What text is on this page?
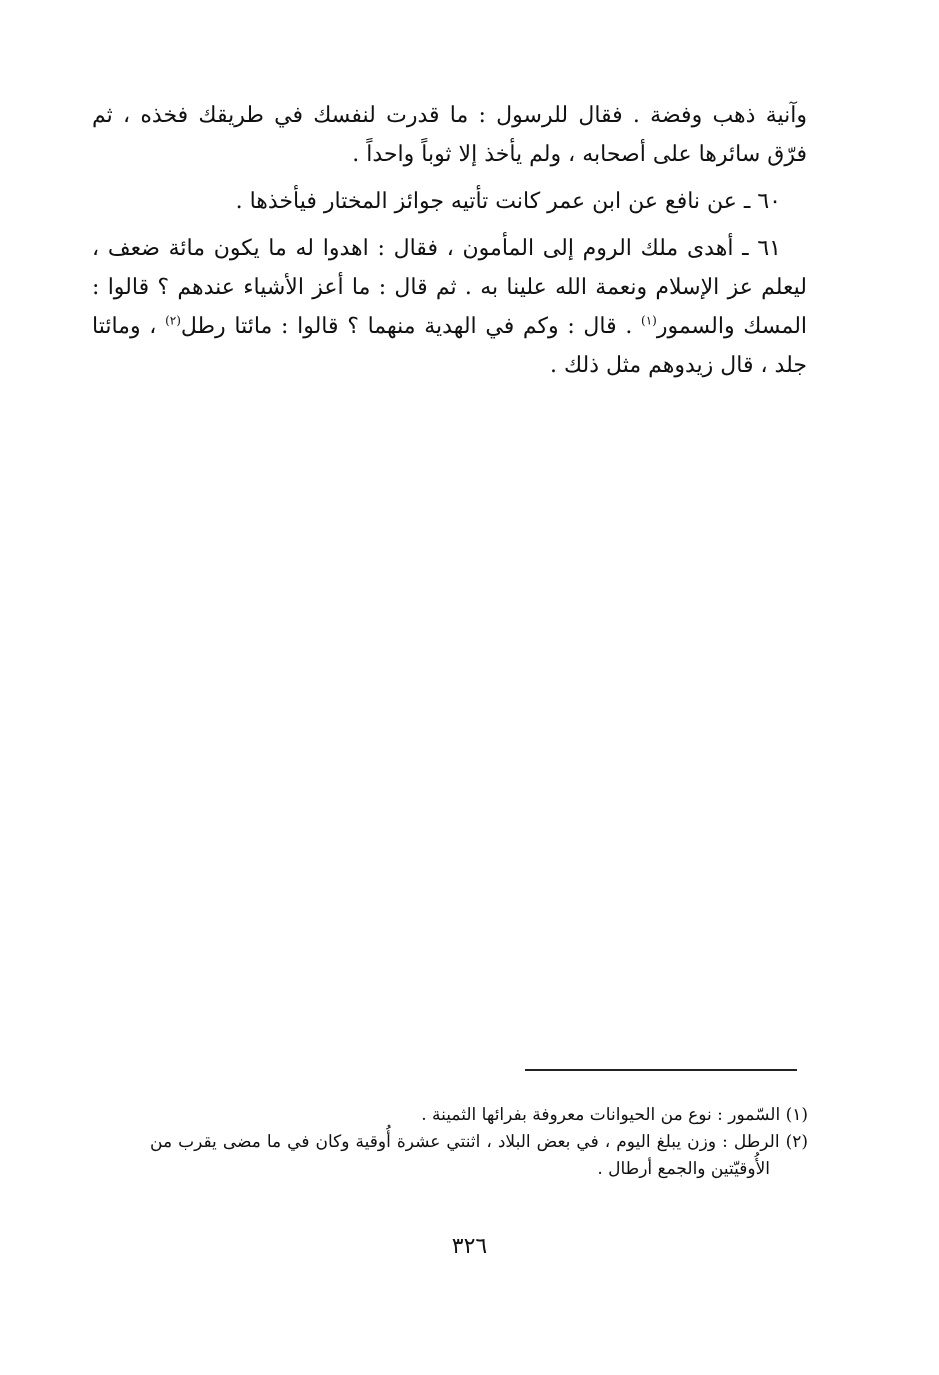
وآنية ذهب وفضة . فقال للرسول : ما قدرت لنفسك في طريقك فخذه ، ثم فرّق سائرها على أصحابه ، ولم يأخذ إلا ثوباً واحداً .

٦٠ ـ عن نافع عن ابن عمر كانت تأتيه جوائز المختار فيأخذها .

٦١ ـ أهدى ملك الروم إلى المأمون ، فقال : اهدوا له ما يكون مائة ضعف ، ليعلم عز الإسلام ونعمة الله علينا به . ثم قال : ما أعز الأشياء عندهم ؟ قالوا : المسك والسمور$^{(١)}$ . قال : وكم في الهدية منهما ؟ قالوا : مائتا رطل$^{(٢)}$ ، ومائتا جلد ، قال زيدوهم مثل ذلك .

(١) السّمور : نوع من الحيوانات معروفة بفرائها الثمينة .

(٢) الرطل : وزن يبلغ اليوم ، في بعض البلاد ، اثنتي عشرة أُوقية وكان في ما مضى يقرب من الأُوقيّتين والجمع أرطال .

٣٢٦
